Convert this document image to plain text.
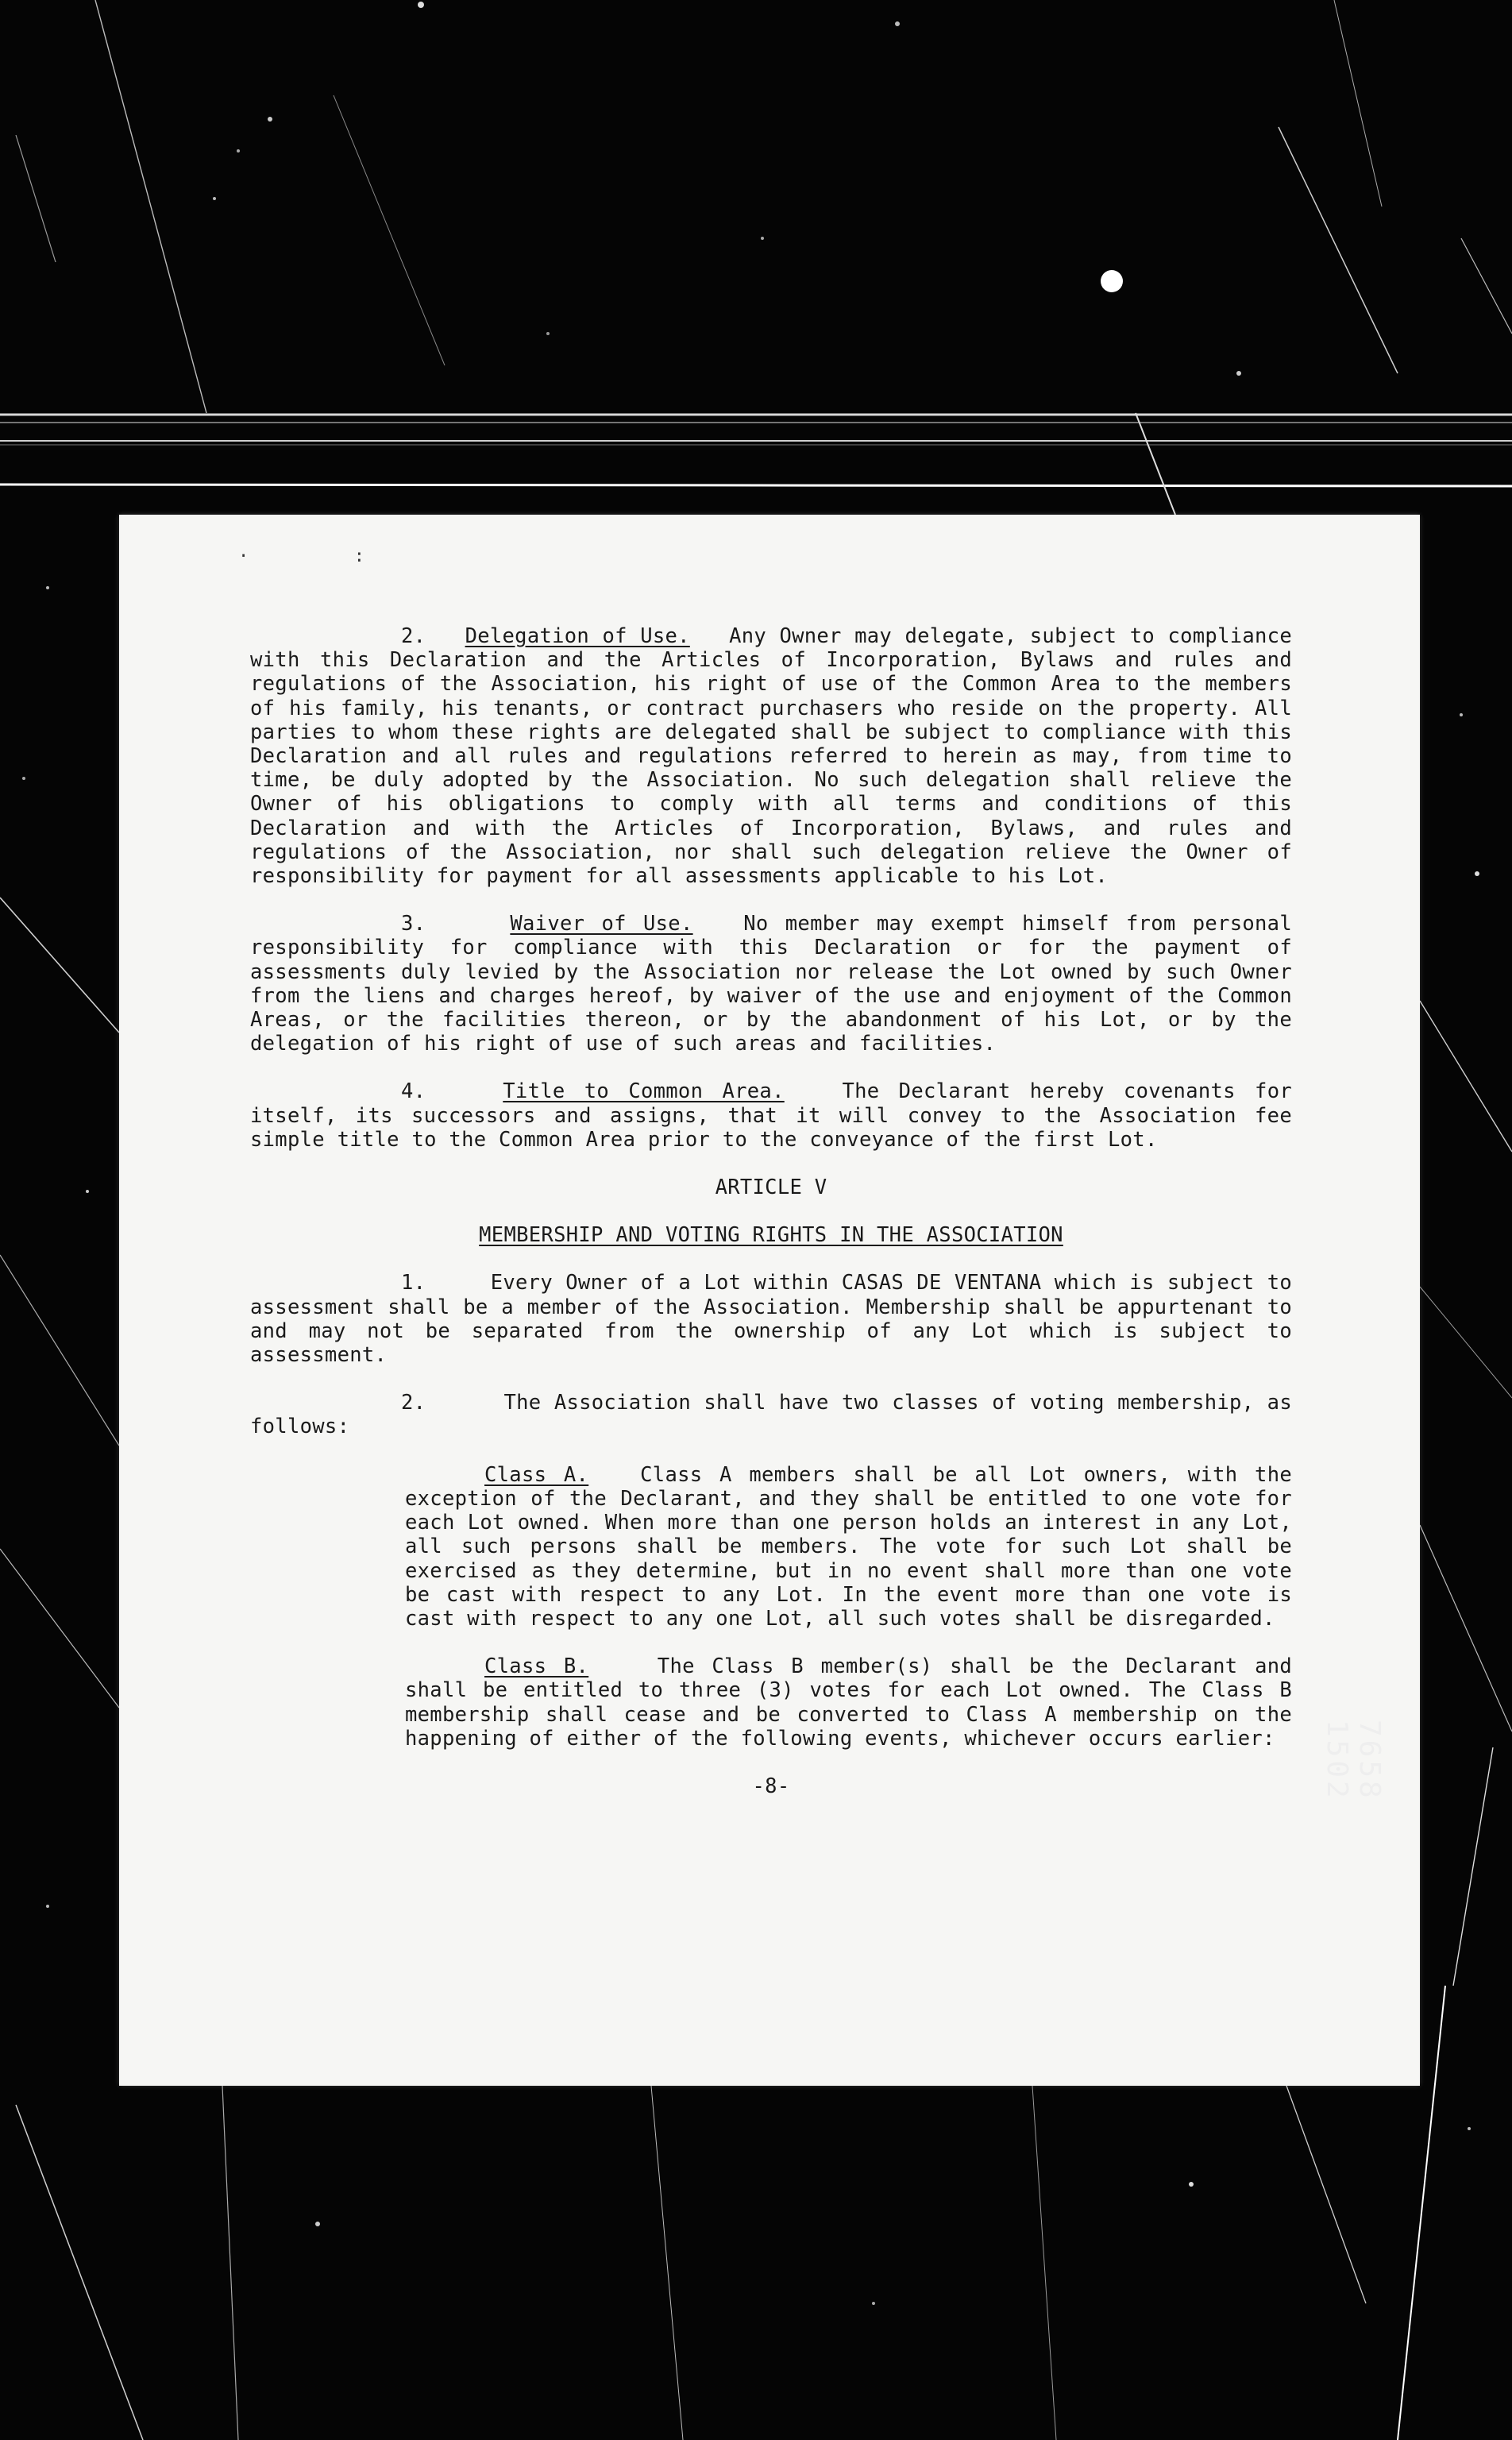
·          :

2. Delegation of Use. Any Owner may delegate, subject to compliance with this Declaration and the Articles of Incorporation, Bylaws and rules and regulations of the Association, his right of use of the Common Area to the members of his family, his tenants, or contract purchasers who reside on the property. All parties to whom these rights are delegated shall be subject to compliance with this Declaration and all rules and regulations referred to herein as may, from time to time, be duly adopted by the Association. No such delegation shall relieve the Owner of his obligations to comply with all terms and conditions of this Declaration and with the Articles of Incorporation, Bylaws, and rules and regulations of the Association, nor shall such delegation relieve the Owner of responsibility for payment for all assessments applicable to his Lot.

3.	Waiver of Use. No member may exempt himself from personal responsibility for compliance with this Declaration or for the payment of assessments duly levied by the Association nor release the Lot owned by such Owner from the liens and charges hereof, by waiver of the use and enjoyment of the Common Areas, or the facilities thereon, or by the abandonment of his Lot, or by the delegation of his right of use of such areas and facilities.

4.	Title to Common Area.	The Declarant hereby covenants for itself, its successors and assigns, that it will convey to the Association fee simple title to the Common Area prior to the conveyance of the first Lot.

ARTICLE V
MEMBERSHIP AND VOTING RIGHTS IN THE ASSOCIATION

1.	Every Owner of a Lot within CASAS DE VENTANA which is subject to assessment shall be a member of the Association. Membership shall be appurtenant to and may not be separated from the ownership of any Lot which is subject to assessment.

2.	The Association shall have two classes of voting membership, as follows:

Class A.	Class A members shall be all Lot owners, with the exception of the Declarant, and they shall be entitled to one vote for each Lot owned. When more than one person holds an interest in any Lot, all such persons shall be members. The vote for such Lot shall be exercised as they determine, but in no event shall more than one vote be cast with respect to any Lot. In the event more than one vote is cast with respect to any one Lot, all such votes shall be disregarded.

Class B.	The Class B member(s) shall be the Declarant and shall be entitled to three (3) votes for each Lot owned. The Class B membership shall cease and be converted to Class A membership on the happening of either of the following events, whichever occurs earlier:

-8-	7658
1502
